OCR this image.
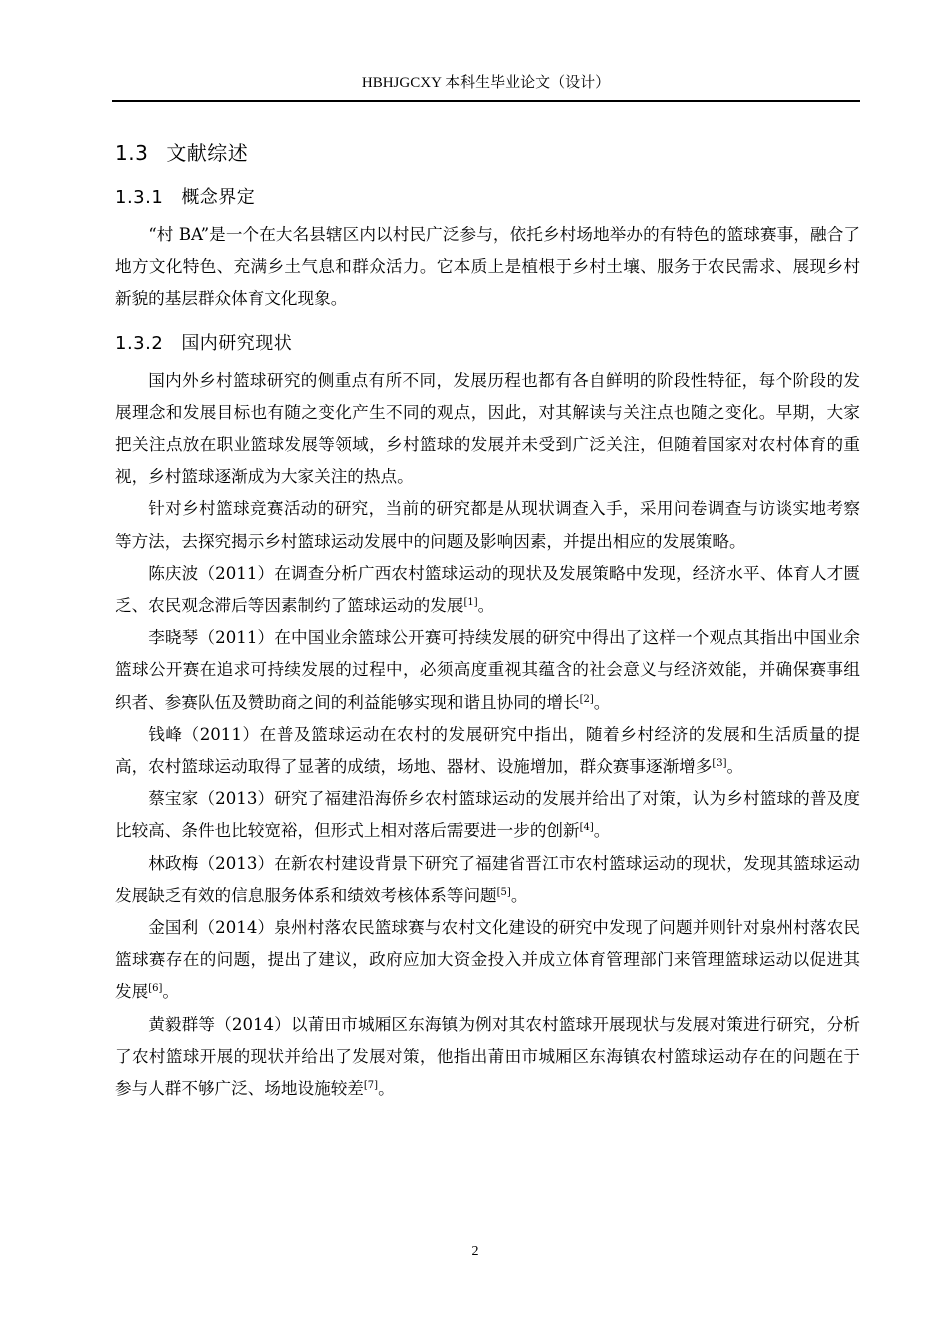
HBHJGCXY 本科生毕业论文（设计）
1.3 文献综述
1.3.1 概念界定

“村 BA”是一个在大名县辖区内以村民广泛参与，依托乡村场地举办的有特色的篮球赛事，融合了地方文化特色、充满乡土气息和群众活力。它本质上是植根于乡村土壤、服务于农民需求、展现乡村新貌的基层群众体育文化现象。

1.3.2 国内研究现状

国内外乡村篮球研究的侧重点有所不同，发展历程也都有各自鲜明的阶段性特征，每个阶段的发展理念和发展目标也有随之变化产生不同的观点，因此，对其解读与关注点也随之变化。早期，大家把关注点放在职业篮球发展等领域，乡村篮球的发展并未受到广泛关注，但随着国家对农村体育的重视，乡村篮球逐渐成为大家关注的热点。

针对乡村篮球竞赛活动的研究，当前的研究都是从现状调查入手，采用问卷调查与访谈实地考察等方法，去探究揭示乡村篮球运动发展中的问题及影响因素，并提出相应的发展策略。

陈庆波（2011）在调查分析广西农村篮球运动的现状及发展策略中发现，经济水平、体育人才匮乏、农民观念滞后等因素制约了篮球运动的发展[1]。

李晓琴（2011）在中国业余篮球公开赛可持续发展的研究中得出了这样一个观点其指出中国业余篮球公开赛在追求可持续发展的过程中，必须高度重视其蕴含的社会意义与经济效能，并确保赛事组织者、参赛队伍及赞助商之间的利益能够实现和谐且协同的增长[2]。

钱峰（2011）在普及篮球运动在农村的发展研究中指出，随着乡村经济的发展和生活质量的提高，农村篮球运动取得了显著的成绩，场地、器材、设施增加，群众赛事逐渐增多[3]。

蔡宝家（2013）研究了福建沿海侨乡农村篮球运动的发展并给出了对策，认为乡村篮球的普及度比较高、条件也比较宽裕，但形式上相对落后需要进一步的创新[4]。

林政梅（2013）在新农村建设背景下研究了福建省晋江市农村篮球运动的现状，发现其篮球运动发展缺乏有效的信息服务体系和绩效考核体系等问题[5]。

金国利（2014）泉州村落农民篮球赛与农村文化建设的研究中发现了问题并则针对泉州村落农民篮球赛存在的问题，提出了建议，政府应加大资金投入并成立体育管理部门来管理篮球运动以促进其发展[6]。

黄毅群等（2014）以莆田市城厢区东海镇为例对其农村篮球开展现状与发展对策进行研究，分析了农村篮球开展的现状并给出了发展对策，他指出莆田市城厢区东海镇农村篮球运动存在的问题在于参与人群不够广泛、场地设施较差[7]。

2
